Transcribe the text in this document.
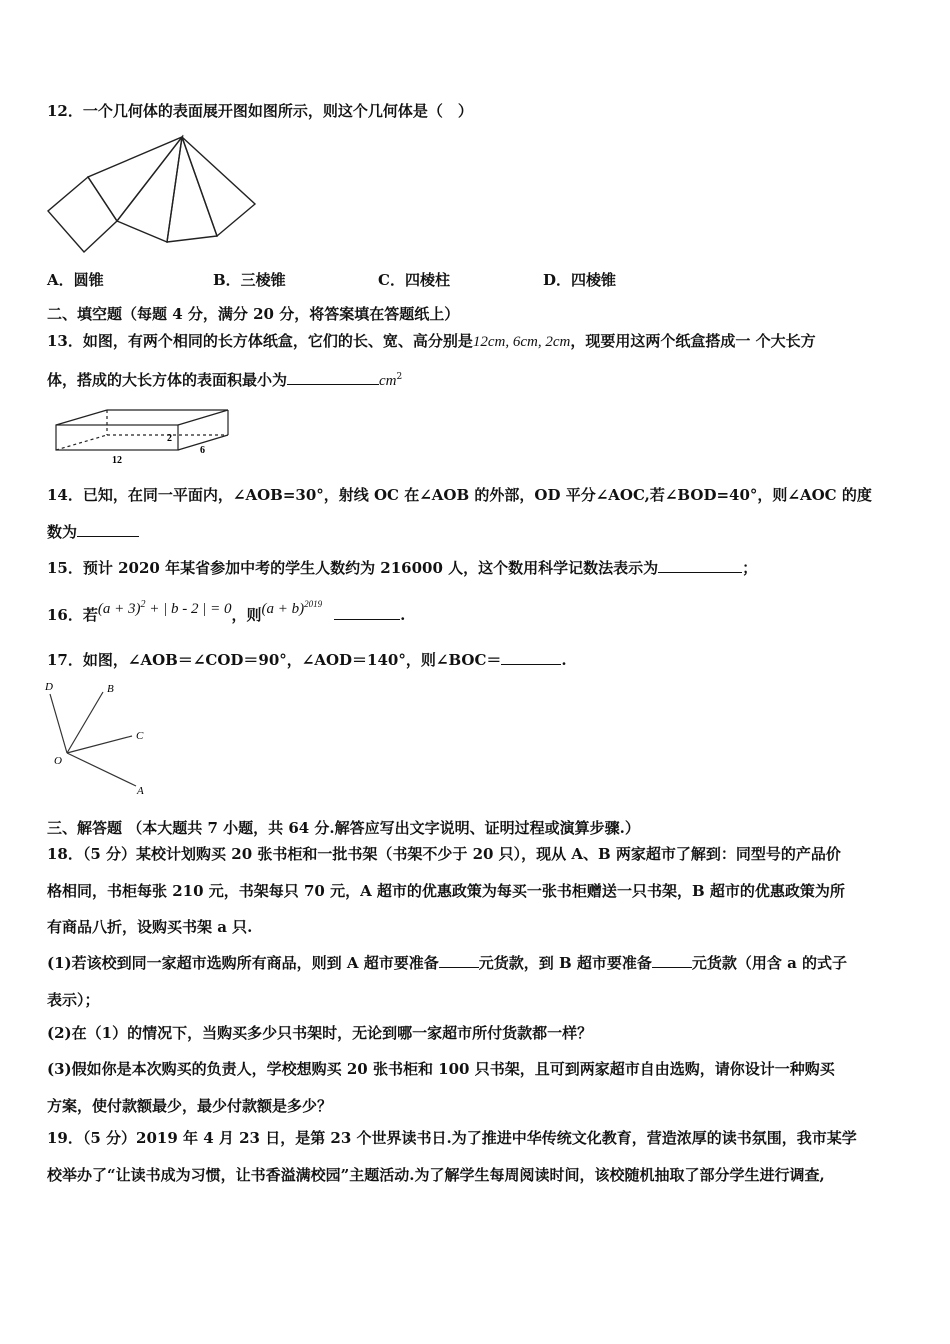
12．一个几何体的表面展开图如图所示，则这个几何体是（　）
A．圆锥	B．三棱锥	C．四棱柱	D．四棱锥
二、填空题（每题 4 分，满分 20 分，将答案填在答题纸上）
13．如图，有两个相同的长方体纸盒，它们的长、宽、高分别是12cm, 6cm, 2cm，现要用这两个纸盒搭成一 个大长方
体，搭成的大长方体的表面积最小为	$cm^2$
2
12
6
14．已知，在同一平面内，∠AOB=30°，射线 OC 在∠AOB 的外部，OD 平分∠AOC,若∠BOD=40°，则∠AOC 的度
数为
15．预计 2020 年某省参加中考的学生人数约为 216000 人，这个数用科学记数法表示为	；
16．若$(a + 3)^2$ + | b - 2 | = 0，则$(a + b)^{2019}$.
17．如图，∠AOB＝∠COD＝90°，∠AOD＝140°，则∠BOC＝	.
D	B
C
O
A
三、解答题 （本大题共 7 小题，共 64 分.解答应写出文字说明、证明过程或演算步骤.）
18．（5 分）某校计划购买 20 张书柜和一批书架（书架不少于 20 只），现从 A、B 两家超市了解到：同型号的产品价
格相同，书柜每张 210 元，书架每只 70 元，A 超市的优惠政策为每买一张书柜赠送一只书架，B 超市的优惠政策为所
有商品八折，设购买书架 a 只.
(1)若该校到同一家超市选购所有商品，则到 A 超市要准备	元货款，到 B 超市要准备	元货款（用含 a 的式子
表示）；
(2)在（1）的情况下，当购买多少只书架时，无论到哪一家超市所付货款都一样？
(3)假如你是本次购买的负责人，学校想购买 20 张书柜和 100 只书架，且可到两家超市自由选购，请你设计一种购买
方案，使付款额最少，最少付款额是多少？
19．（5 分）2019 年 4 月 23 日，是第 23 个世界读书日.为了推进中华传统文化教育，营造浓厚的读书氛围，我市某学
校举办了“让读书成为习惯，让书香溢满校园”主题活动.为了解学生每周阅读时间，该校随机抽取了部分学生进行调查,
